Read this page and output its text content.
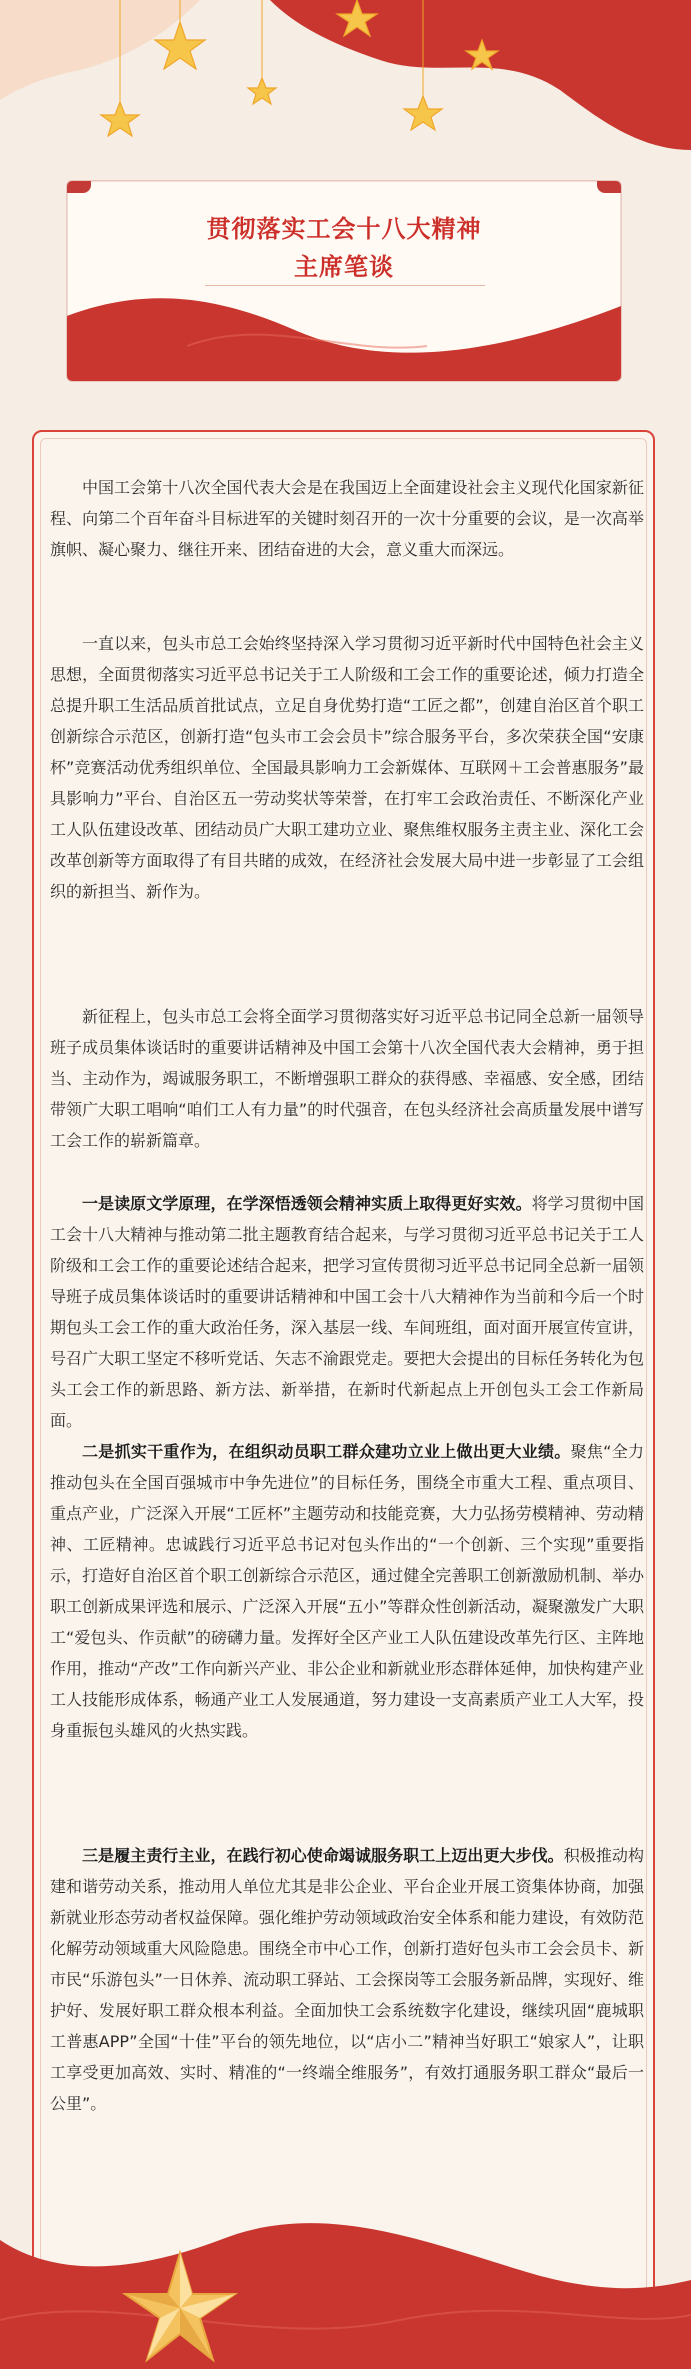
贯彻落实工会十八大精神
主席笔谈
中国工会第十八次全国代表大会是在我国迈上全面建设社会主义现代化国家新征程、向第二个百年奋斗目标进军的关键时刻召开的一次十分重要的会议，是一次高举旗帜、凝心聚力、继往开来、团结奋进的大会，意义重大而深远。
一直以来，包头市总工会始终坚持深入学习贯彻习近平新时代中国特色社会主义思想，全面贯彻落实习近平总书记关于工人阶级和工会工作的重要论述，倾力打造全总提升职工生活品质首批试点，立足自身优势打造“工匠之都”，创建自治区首个职工创新综合示范区，创新打造“包头市工会会员卡”综合服务平台，多次荣获全国“安康杯”竞赛活动优秀组织单位、全国最具影响力工会新媒体、互联网＋工会普惠服务”最具影响力”平台、自治区五一劳动奖状等荣誉，在打牢工会政治责任、不断深化产业工人队伍建设改革、团结动员广大职工建功立业、聚焦维权服务主责主业、深化工会改革创新等方面取得了有目共睹的成效，在经济社会发展大局中进一步彰显了工会组织的新担当、新作为。
新征程上，包头市总工会将全面学习贯彻落实好习近平总书记同全总新一届领导班子成员集体谈话时的重要讲话精神及中国工会第十八次全国代表大会精神，勇于担当、主动作为，竭诚服务职工，不断增强职工群众的获得感、幸福感、安全感，团结带领广大职工唱响“咱们工人有力量”的时代强音，在包头经济社会高质量发展中谱写工会工作的崭新篇章。
一是读原文学原理，在学深悟透领会精神实质上取得更好实效。将学习贯彻中国工会十八大精神与推动第二批主题教育结合起来，与学习贯彻习近平总书记关于工人阶级和工会工作的重要论述结合起来，把学习宣传贯彻习近平总书记同全总新一届领导班子成员集体谈话时的重要讲话精神和中国工会十八大精神作为当前和今后一个时期包头工会工作的重大政治任务，深入基层一线、车间班组，面对面开展宣传宣讲，号召广大职工坚定不移听党话、矢志不渝跟党走。要把大会提出的目标任务转化为包头工会工作的新思路、新方法、新举措，在新时代新起点上开创包头工会工作新局面。
二是抓实干重作为，在组织动员职工群众建功立业上做出更大业绩。聚焦“全力推动包头在全国百强城市中争先进位”的目标任务，围绕全市重大工程、重点项目、重点产业，广泛深入开展“工匠杯”主题劳动和技能竞赛，大力弘扬劳模精神、劳动精神、工匠精神。忠诚践行习近平总书记对包头作出的“一个创新、三个实现”重要指示，打造好自治区首个职工创新综合示范区，通过健全完善职工创新激励机制、举办职工创新成果评选和展示、广泛深入开展“五小”等群众性创新活动，凝聚激发广大职工“爱包头、作贡献”的磅礴力量。发挥好全区产业工人队伍建设改革先行区、主阵地作用，推动“产改”工作向新兴产业、非公企业和新就业形态群体延伸，加快构建产业工人技能形成体系，畅通产业工人发展通道，努力建设一支高素质产业工人大军，投身重振包头雄风的火热实践。
三是履主责行主业，在践行初心使命竭诚服务职工上迈出更大步伐。积极推动构建和谐劳动关系，推动用人单位尤其是非公企业、平台企业开展工资集体协商，加强新就业形态劳动者权益保障。强化维护劳动领域政治安全体系和能力建设，有效防范化解劳动领域重大风险隐患。围绕全市中心工作，创新打造好包头市工会会员卡、新市民“乐游包头”一日休养、流动职工驿站、工会探岗等工会服务新品牌，实现好、维护好、发展好职工群众根本利益。全面加快工会系统数字化建设，继续巩固“鹿城职工普惠APP”全国“十佳”平台的领先地位，以“店小二”精神当好职工“娘家人”，让职工享受更加高效、实时、精准的“一终端全维服务”，有效打通服务职工群众“最后一公里”。
